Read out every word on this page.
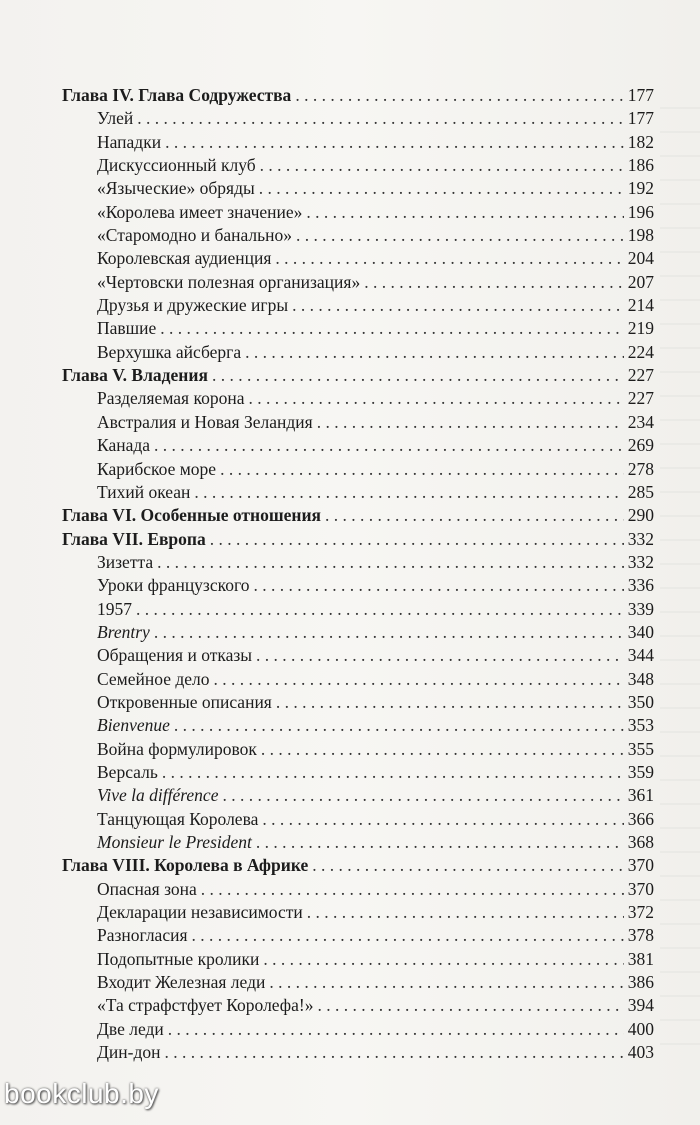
Глава IV. Глава Содружества . . .	177
Улей . . .	177
Нападки . . .	182
Дискуссионный клуб . . .	186
«Языческие» обряды . . .	192
«Королева имеет значение» . . .	196
«Старомодно и банально» . . .	198
Королевская аудиенция . . .	204
«Чертовски полезная организация» . . .	207
Друзья и дружеские игры . . .	214
Павшие . . .	219
Верхушка айсберга . . .	224
Глава V. Владения . . .	227
Разделяемая корона . . .	227
Австралия и Новая Зеландия . . .	234
Канада . . .	269
Карибское море . . .	278
Тихий океан . . .	285
Глава VI. Особенные отношения . . .	290
Глава VII. Европа . . .	332
Зизетта . . .	332
Уроки французского . . .	336
1957 . . .	339
Brentry . . .	340
Обращения и отказы . . .	344
Семейное дело . . .	348
Откровенные описания . . .	350
Bienvenue . . .	353
Война формулировок . . .	355
Версаль . . .	359
Vive la différence . . .	361
Танцующая Королева . . .	366
Monsieur le President . . .	368
Глава VIII. Королева в Африке . . .	370
Опасная зона . . .	370
Декларации независимости . . .	372
Разногласия . . .	378
Подопытные кролики . . .	381
Входит Железная леди . . .	386
«Та страфстфует Королефа!» . . .	394
Две леди . . .	400
Дин-дон . . .	403
bookclub.by
